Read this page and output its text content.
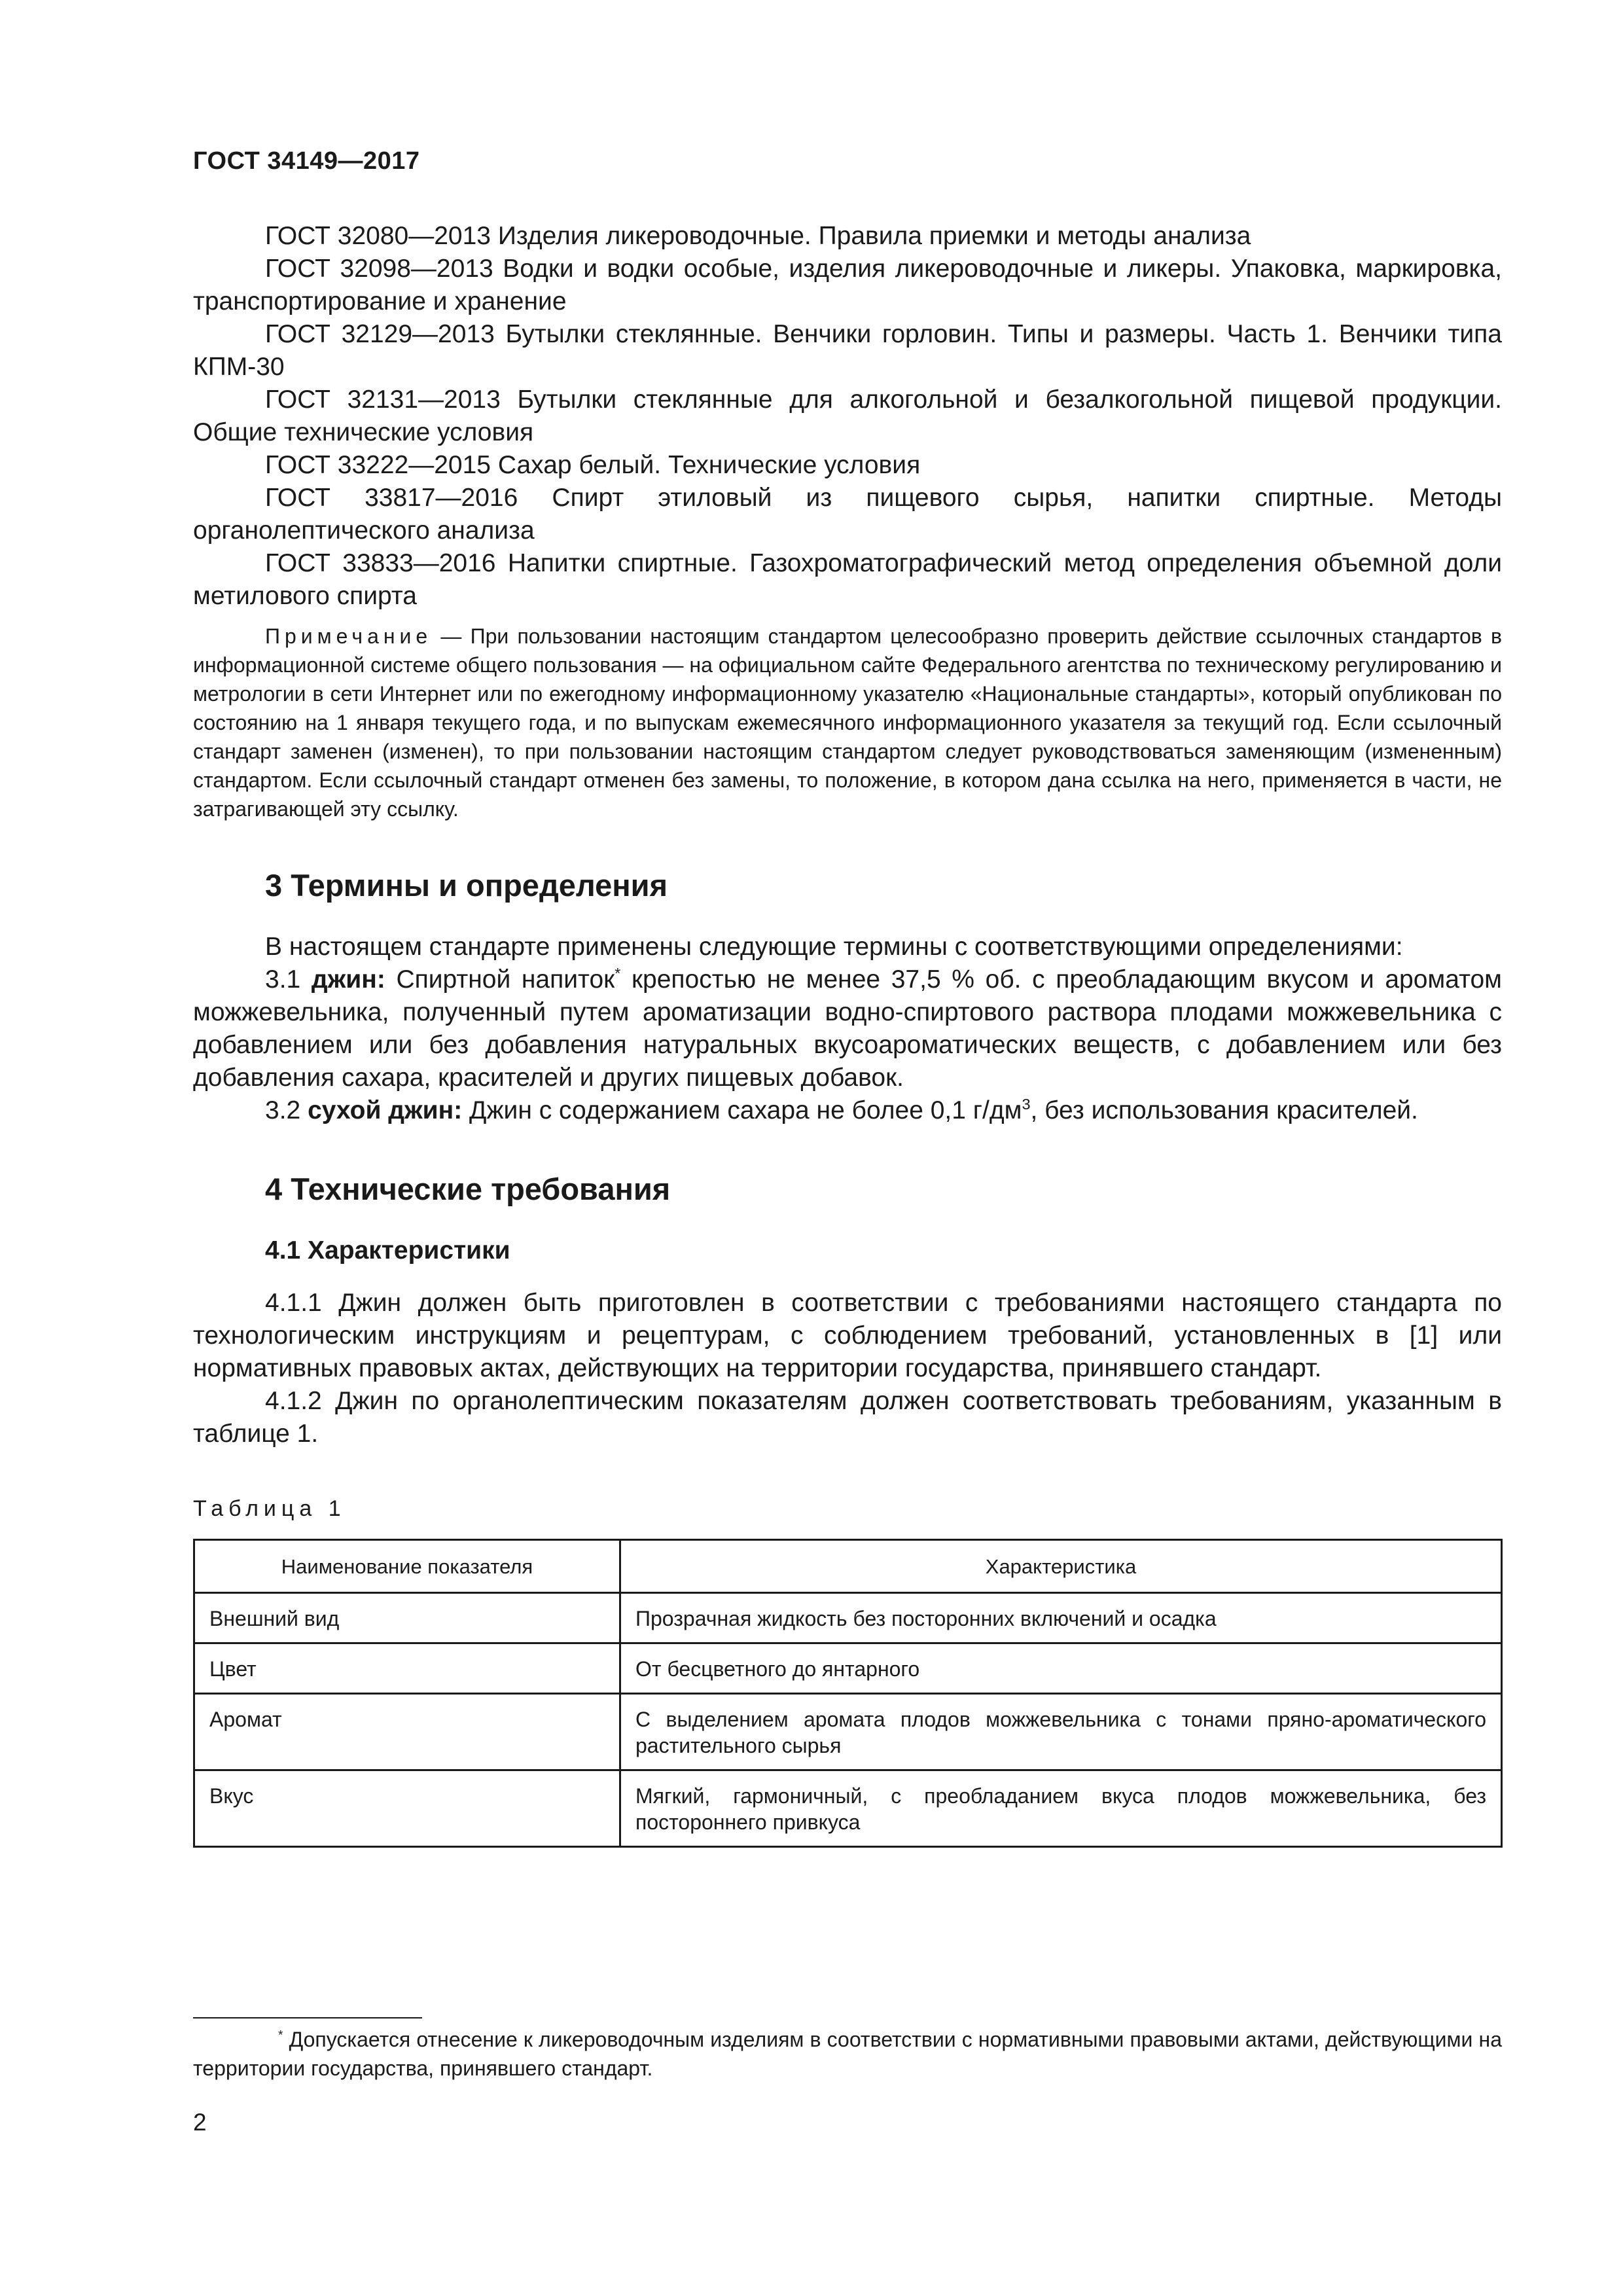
ГОСТ 34149—2017

ГОСТ 32080—2013 Изделия ликероводочные. Правила приемки и методы анализа

ГОСТ 32098—2013 Водки и водки особые, изделия ликероводочные и ликеры. Упаковка, маркировка, транспортирование и хранение

ГОСТ 32129—2013 Бутылки стеклянные. Венчики горловин. Типы и размеры. Часть 1. Венчики типа КПМ-30

ГОСТ 32131—2013 Бутылки стеклянные для алкогольной и безалкогольной пищевой продукции. Общие технические условия

ГОСТ 33222—2015 Сахар белый. Технические условия

ГОСТ 33817—2016 Спирт этиловый из пищевого сырья, напитки спиртные. Методы органолептического анализа

ГОСТ 33833—2016 Напитки спиртные. Газохроматографический метод определения объемной доли метилового спирта

Примечание — При пользовании настоящим стандартом целесообразно проверить действие ссылочных стандартов в информационной системе общего пользования — на официальном сайте Федерального агентства по техническому регулированию и метрологии в сети Интернет или по ежегодному информационному указателю «Национальные стандарты», который опубликован по состоянию на 1 января текущего года, и по выпускам ежемесячного информационного указателя за текущий год. Если ссылочный стандарт заменен (изменен), то при пользовании настоящим стандартом следует руководствоваться заменяющим (измененным) стандартом. Если ссылочный стандарт отменен без замены, то положение, в котором дана ссылка на него, применяется в части, не затрагивающей эту ссылку.

3 Термины и определения

В настоящем стандарте применены следующие термины с соответствующими определениями:

3.1 джин: Спиртной напиток* крепостью не менее 37,5 % об. с преобладающим вкусом и ароматом можжевельника, полученный путем ароматизации водно-спиртового раствора плодами можжевельника с добавлением или без добавления натуральных вкусоароматических веществ, с добавлением или без добавления сахара, красителей и других пищевых добавок.

3.2 сухой джин: Джин с содержанием сахара не более 0,1 $г/дм^3$, без использования красителей.

4 Технические требования
4.1 Характеристики

4.1.1 Джин должен быть приготовлен в соответствии с требованиями настоящего стандарта по технологическим инструкциям и рецептурам, с соблюдением требований, установленных в [1] или нормативных правовых актах, действующих на территории государства, принявшего стандарт.

4.1.2 Джин по органолептическим показателям должен соответствовать требованиям, указанным в таблице 1.

Таблица 1
Наименование показателя	Характеристика
Внешний вид	Прозрачная жидкость без посторонних включений и осадка
Цвет	От бесцветного до янтарного
Аромат	С выделением аромата плодов можжевельника с тонами пряно-ароматического растительного сырья
Вкус	Мягкий, гармоничный, с преобладанием вкуса плодов можжевельника, без постороннего привкуса

* Допускается отнесение к ликероводочным изделиям в соответствии с нормативными правовыми актами, действующими на территории государства, принявшего стандарт.

2
